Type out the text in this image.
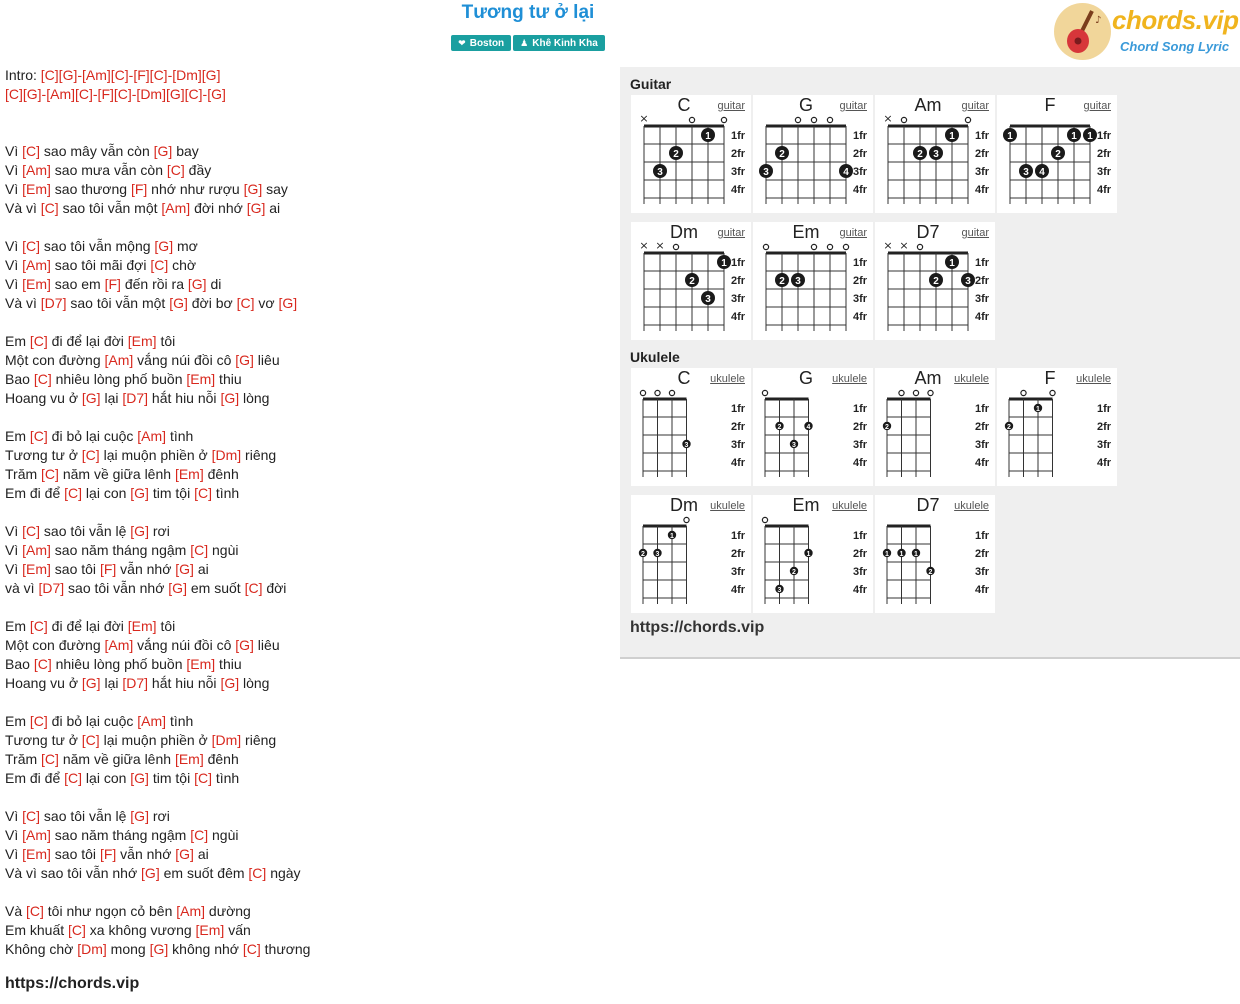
Tương tư ở lại
❤ Boston ♟ Khê Kinh Kha
♪ chords.vip
Chord Song Lyric
Intro: [C][G]-[Am][C]-[F][C]-[Dm][G]
[C][G]-[Am][C]-[F][C]-[Dm][G][C]-[G]
Vì [C] sao mây vẫn còn [G] bay
Vì [Am] sao mưa vẫn còn [C] đầy
Vì [Em] sao thương [F] nhớ như rượu [G] say
Và vì [C] sao tôi vẫn một [Am] đời nhớ [G] ai
Vì [C] sao tôi vẫn mộng [G] mơ
Vì [Am] sao tôi mãi đợi [C] chờ
Vì [Em] sao em [F] đến rồi ra [G] di
Và vì [D7] sao tôi vẫn một [G] đời bơ [C] vơ [G]
Em [C] đi để lại đời [Em] tôi
Một con đường [Am] vắng núi đồi cô [G] liêu
Bao [C] nhiêu lòng phố buồn [Em] thiu
Hoang vu ở [G] lại [D7] hắt hiu nỗi [G] lòng
Em [C] đi bỏ lại cuộc [Am] tình
Tương tư ở [C] lại muộn phiền ở [Dm] riêng
Trăm [C] năm về giữa lênh [Em] đênh
Em đi để [C] lại con [G] tim tội [C] tình
Vì [C] sao tôi vẫn lệ [G] rơi
Vì [Am] sao năm tháng ngậm [C] ngùi
Vì [Em] sao tôi [F] vẫn nhớ [G] ai
và vì [D7] sao tôi vẫn nhớ [G] em suốt [C] đời
Em [C] đi để lại đời [Em] tôi
Một con đường [Am] vắng núi đồi cô [G] liêu
Bao [C] nhiêu lòng phố buồn [Em] thiu
Hoang vu ở [G] lại [D7] hắt hiu nỗi [G] lòng
Em [C] đi bỏ lại cuộc [Am] tình
Tương tư ở [C] lại muộn phiền ở [Dm] riêng
Trăm [C] năm về giữa lênh [Em] đênh
Em đi để [C] lại con [G] tim tội [C] tình
Vì [C] sao tôi vẫn lệ [G] rơi
Vì [Am] sao năm tháng ngậm [C] ngùi
Vì [Em] sao tôi [F] vẫn nhớ [G] ai
Và vì sao tôi vẫn nhớ [G] em suốt đêm [C] ngày
Và [C] tôi như ngọn cỏ bên [Am] dường
Em khuất [C] xa không vương [Em] vấn
Không chờ [Dm] mong [G] không nhớ [C] thương
https://chords.vip
Guitar
C	guitar
1fr
2fr
3fr
4fr
×
3
2
1
G	guitar
1fr
2fr
3fr
4fr
3
2
4
Am	guitar
1fr
2fr
3fr
4fr
×
2 3
1
F	guitar
1fr
2fr
3fr
4fr
1
3 4
2
1 1
Dm	guitar
1fr
2fr
3fr
4fr
× ×
2
3
1
Em	guitar
1fr
2fr
3fr
4fr
2 3
D7	guitar
1fr
2fr
3fr
4fr
× ×
2
1
3
Ukulele
C	ukulele
1fr
2fr
3fr
4fr
3
G	ukulele
1fr
2fr
3fr
4fr
2
3
4
Am	ukulele
1fr
2fr
3fr
4fr
2
F	ukulele
1fr
2fr
3fr
4fr
2
1
Dm	ukulele
1fr
2fr
3fr
4fr
2 3
1
Em	ukulele
1fr
2fr
3fr
4fr
3
2
1
D7	ukulele
1fr
2fr
3fr
4fr
1 1 1
2
https://chords.vip
